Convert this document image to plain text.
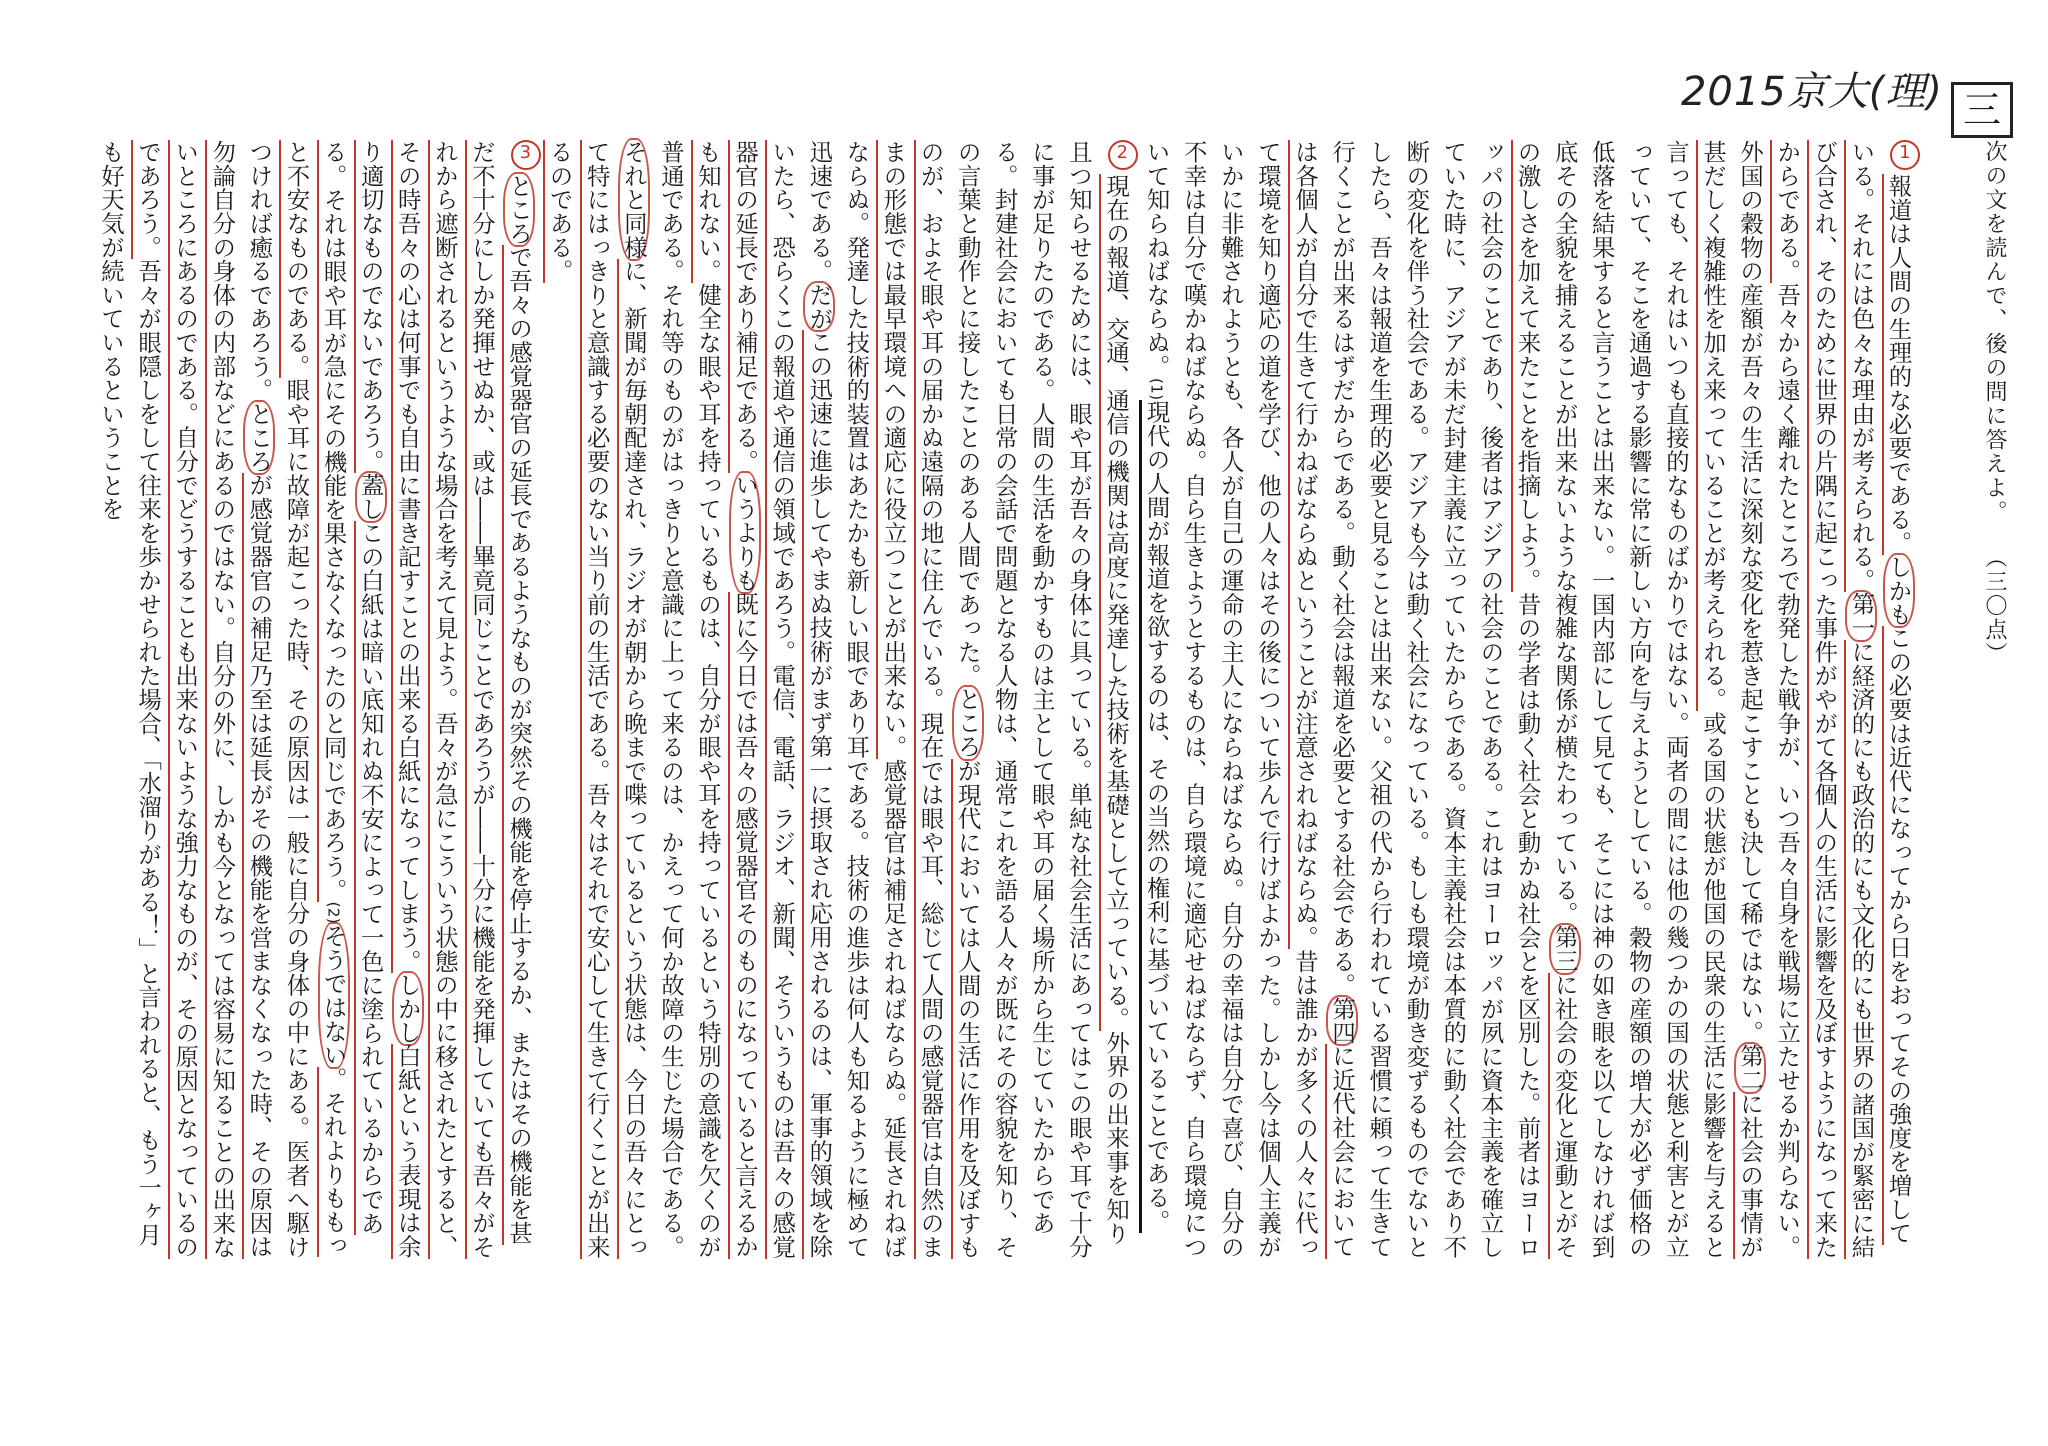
2015京大(理) 三
次の文を読んで、後の問に答えよ。（三〇点）

1報道は人間の生理的な必要である。しかもこの必要は近代になってから日をおってその強度を増している。それには色々な理由が考えられる。第一に経済的にも政治的にも文化的にも世界の諸国が緊密に結び合され、そのために世界の片隅に起こった事件がやがて各個人の生活に影響を及ぼすようになって来たからである。吾々から遠く離れたところで勃発した戦争が、いつ吾々自身を戦場に立たせるか判らない。外国の穀物の産額が吾々の生活に深刻な変化を惹き起こすことも決して稀ではない。第二に社会の事情が甚だしく複雑性を加え来っていることが考えられる。或る国の状態が他国の民衆の生活に影響を与えると言っても、それはいつも直接的なものばかりではない。両者の間には他の幾つかの国の状態と利害とが立っていて、そこを通過する影響に常に新しい方向を与えようとしている。穀物の産額の増大が必ず価格の低落を結果すると言うことは出来ない。一国内部にして見ても、そこには神の如き眼を以てしなければ到底その全貌を捕えることが出来ないような複雑な関係が横たわっている。第三に社会の変化と運動とがその激しさを加えて来たことを指摘しよう。昔の学者は動く社会と動かぬ社会とを区別した。前者はヨーロッパの社会のことであり、後者はアジアの社会のことである。これはヨーロッパが夙に資本主義を確立していた時に、アジアが未だ封建主義に立っていたからである。資本主義社会は本質的に動く社会であり不断の変化を伴う社会である。アジアも今は動く社会になっている。もしも環境が動き変ずるものでないとしたら、吾々は報道を生理的必要と見ることは出来ない。父祖の代から行われている習慣に頼って生きて行くことが出来るはずだからである。動く社会は報道を必要とする社会である。第四に近代社会においては各個人が自分で生きて行かねばならぬということが注意されねばならぬ。昔は誰かが多くの人々に代って環境を知り適応の道を学び、他の人々はその後について歩んで行けばよかった。しかし今は個人主義がいかに非難されようとも、各人が自己の運命の主人にならねばならぬ。自分の幸福は自分で喜び、自分の不幸は自分で嘆かねばならぬ。自ら生きようとするものは、自ら環境に適応せねばならず、自ら環境について知らねばならぬ。(1)現代の人間が報道を欲するのは、その当然の権利に基づいていることである。

2現在の報道、交通、通信の機関は高度に発達した技術を基礎として立っている。外界の出来事を知り且つ知らせるためには、眼や耳が吾々の身体に具っている。単純な社会生活にあってはこの眼や耳で十分に事が足りたのである。人間の生活を動かすものは主として眼や耳の届く場所から生じていたからである。封建社会においても日常の会話で問題となる人物は、通常これを語る人々が既にその容貌を知り、その言葉と動作とに接したことのある人間であった。ところが現代においては人間の生活に作用を及ぼすものが、およそ眼や耳の届かぬ遠隔の地に住んでいる。現在では眼や耳、総じて人間の感覚器官は自然のままの形態では最早環境への適応に役立つことが出来ない。感覚器官は補足されねばならぬ。延長されねばならぬ。発達した技術的装置はあたかも新しい眼であり耳である。技術の進歩は何人も知るように極めて迅速である。だがこの迅速に進歩してやまぬ技術がまず第一に摂取され応用されるのは、軍事的領域を除いたら、恐らくこの報道や通信の領域であろう。電信、電話、ラジオ、新聞、そういうものは吾々の感覚器官の延長であり補足である。いうよりも既に今日では吾々の感覚器官そのものになっていると言えるかも知れない。健全な眼や耳を持っているものは、自分が眼や耳を持っているという特別の意識を欠くのが普通である。それ等のものがはっきりと意識に上って来るのは、かえって何か故障の生じた場合である。それと同様に、新聞が毎朝配達され、ラジオが朝から晩まで喋っているという状態は、今日の吾々にとって特にはっきりと意識する必要のない当り前の生活である。吾々はそれで安心して生きて行くことが出来るのである。

3ところで吾々の感覚器官の延長であるようなものが突然その機能を停止するか、またはその機能を甚だ不十分にしか発揮せぬか、或は――畢竟同じことであろうが――十分に機能を発揮していても吾々がそれから遮断されるというような場合を考えて見よう。吾々が急にこういう状態の中に移されたとすると、その時吾々の心は何事でも自由に書き記すことの出来る白紙になってしまう。しかし白紙という表現は余り適切なものでないであろう。蓋しこの白紙は暗い底知れぬ不安によって一色に塗られているからである。それは眼や耳が急にその機能を果さなくなったのと同じであろう。(2)そうではない。それよりももっと不安なものである。眼や耳に故障が起こった時、その原因は一般に自分の身体の中にある。医者へ駆けつければ癒るであろう。ところが感覚器官の補足乃至は延長がその機能を営まなくなった時、その原因は勿論自分の身体の内部などにあるのではない。自分の外に、しかも今となっては容易に知ることの出来ないところにあるのである。自分でどうすることも出来ないような強力なものが、その原因となっているのであろう。吾々が眼隠しをして往来を歩かせられた場合、「水溜りがある！」と言われると、もう一ヶ月も好天気が続いているということを
